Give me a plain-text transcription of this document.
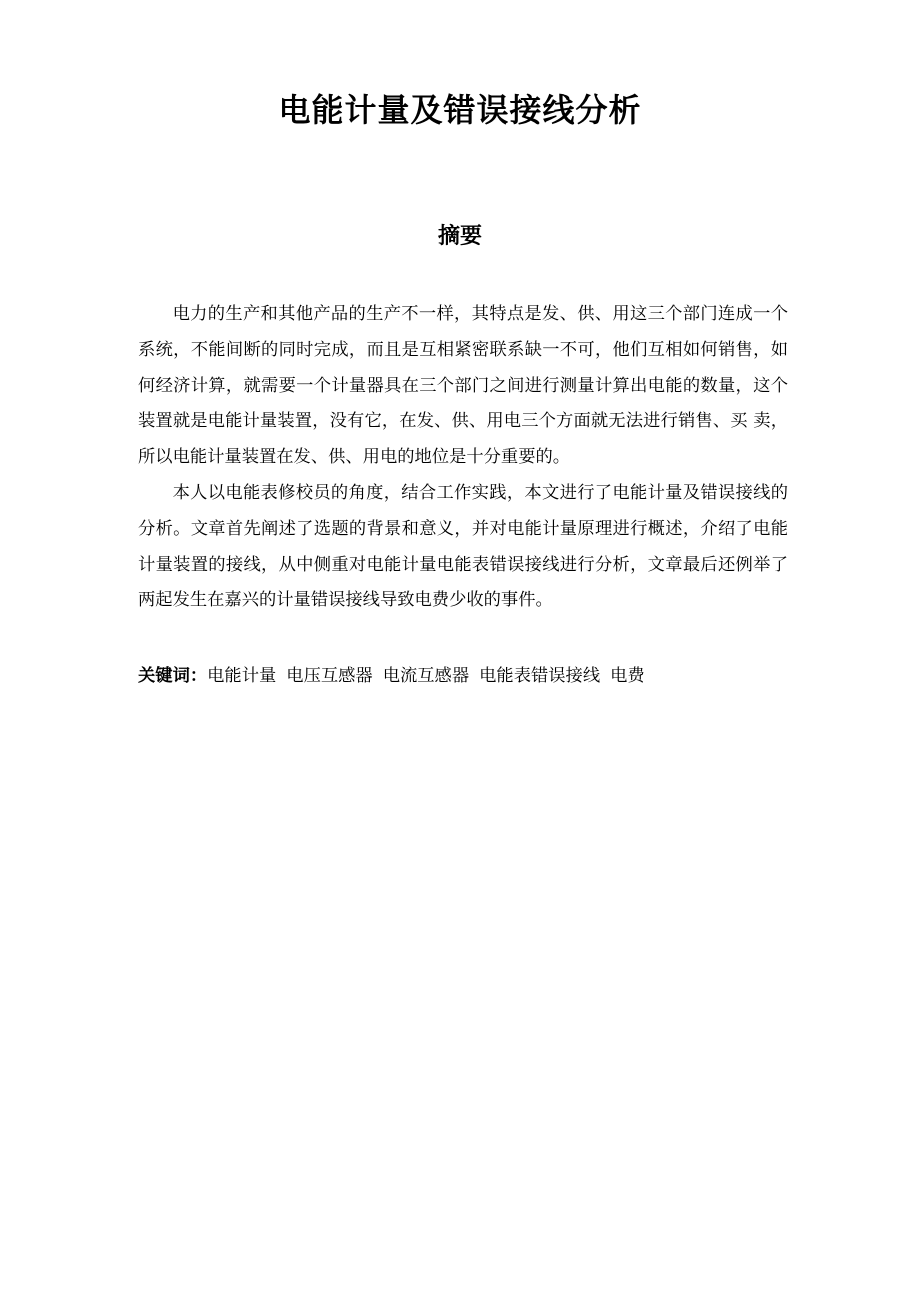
电能计量及错误接线分析
摘要

电力的生产和其他产品的生产不一样，其特点是发、供、用这三个部门连成一个系统，不能间断的同时完成，而且是互相紧密联系缺一不可，他们互相如何销售，如何经济计算，就需要一个计量器具在三个部门之间进行测量计算出电能的数量，这个装置就是电能计量装置，没有它，在发、供、用电三个方面就无法进行销售、买 卖，所以电能计量装置在发、供、用电的地位是十分重要的。

本人以电能表修校员的角度，结合工作实践，本文进行了电能计量及错误接线的分析。文章首先阐述了选题的背景和意义，并对电能计量原理进行概述，介绍了电能计量装置的接线，从中侧重对电能计量电能表错误接线进行分析，文章最后还例举了两起发生在嘉兴的计量错误接线导致电费少收的事件。

关键词：电能计量 电压互感器 电流互感器 电能表错误接线 电费
